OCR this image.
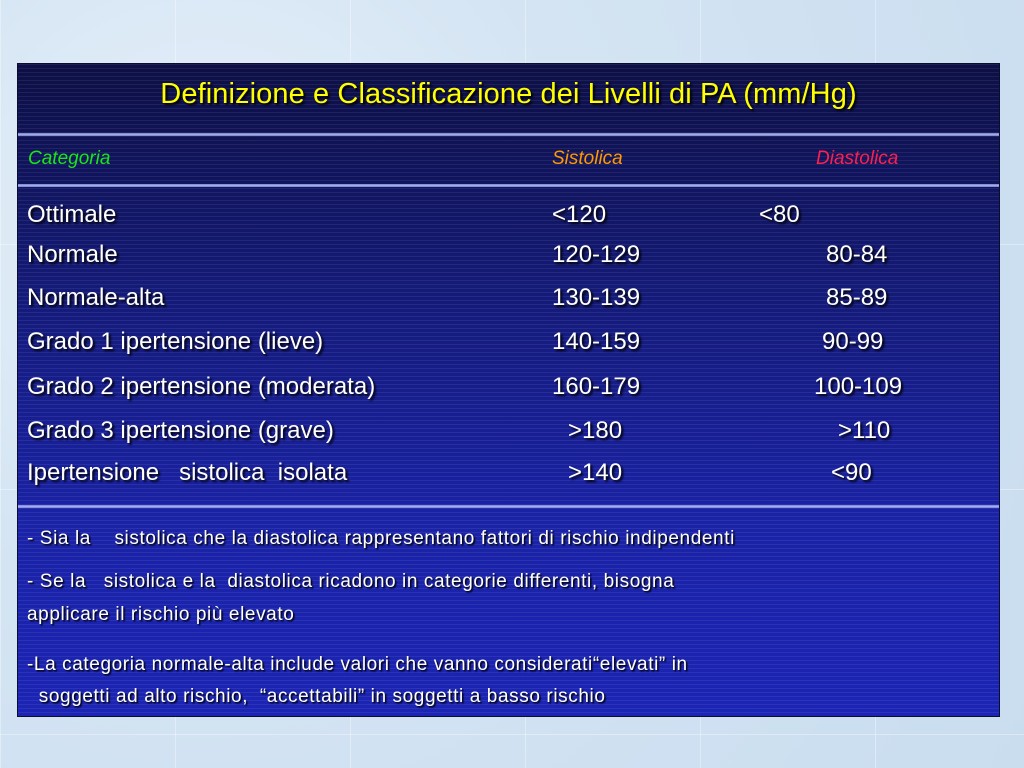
Definizione e Classificazione dei Livelli di PA (mm/Hg)
Categoria	Sistolica	Diastolica
Ottimale	<120	<80
Normale	120-129	80-84
Normale-alta	130-139	85-89
Grado 1 ipertensione (lieve)	140-159	90-99
Grado 2 ipertensione (moderata)	160-179	100-109
Grado 3 ipertensione (grave)	>180	>110
Ipertensione   sistolica  isolata	>140	<90
- Sia la    sistolica che la diastolica rappresentano fattori di rischio indipendenti
- Se la   sistolica e la  diastolica ricadono in categorie differenti, bisogna
applicare il rischio più elevato
-La categoria normale-alta include valori che vanno considerati“elevati” in
soggetti ad alto rischio,  “accettabili” in soggetti a basso rischio
